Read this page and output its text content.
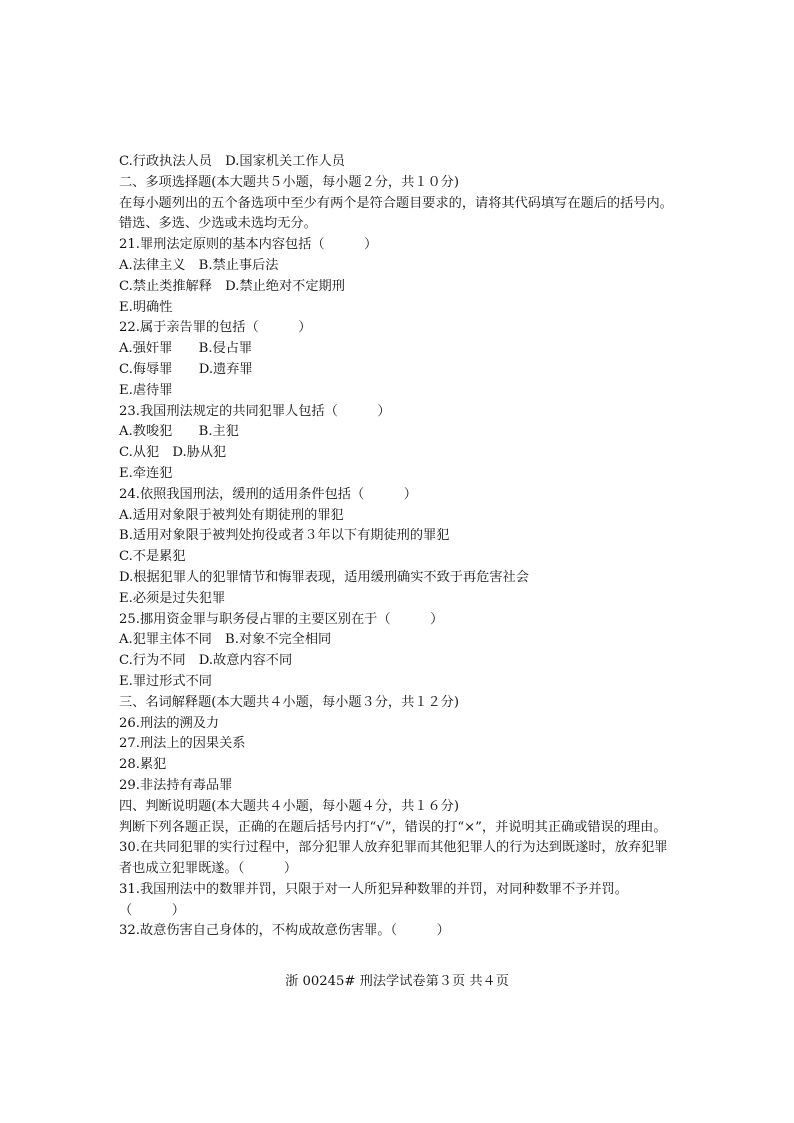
C.行政执法人员　D.国家机关工作人员
二、多项选择题(本大题共５小题，每小题２分，共１０分)
在每小题列出的五个备选项中至少有两个是符合题目要求的，请将其代码填写在题后的括号内。错选、多选、少选或未选均无分。
21.罪刑法定原则的基本内容包括（　　　）
A.法律主义　B.禁止事后法
C.禁止类推解释　D.禁止绝对不定期刑
E.明确性
22.属于亲告罪的包括（　　　）
A.强奸罪　　B.侵占罪
C.侮辱罪　　D.遗弃罪
E.虐待罪
23.我国刑法规定的共同犯罪人包括（　　　）
A.教唆犯　　B.主犯
C.从犯　D.胁从犯
E.牵连犯
24.依照我国刑法，缓刑的适用条件包括（　　　）
A.适用对象限于被判处有期徒刑的罪犯
B.适用对象限于被判处拘役或者３年以下有期徒刑的罪犯
C.不是累犯
D.根据犯罪人的犯罪情节和悔罪表现，适用缓刑确实不致于再危害社会
E.必须是过失犯罪
25.挪用资金罪与职务侵占罪的主要区别在于（　　　）
A.犯罪主体不同　B.对象不完全相同
C.行为不同　D.故意内容不同
E.罪过形式不同
三、名词解释题(本大题共４小题，每小题３分，共１２分)
26.刑法的溯及力
27.刑法上的因果关系
28.累犯
29.非法持有毒品罪
四、判断说明题(本大题共４小题，每小题４分，共１６分)
判断下列各题正误，正确的在题后括号内打“√”，错误的打“×”，并说明其正确或错误的理由。
30.在共同犯罪的实行过程中，部分犯罪人放弃犯罪而其他犯罪人的行为达到既遂时，放弃犯罪者也成立犯罪既遂。（　　　）
31.我国刑法中的数罪并罚，只限于对一人所犯异种数罪的并罚，对同种数罪不予并罚。
（　　　）
32.故意伤害自己身体的，不构成故意伤害罪。（　　　）
浙 00245# 刑法学试卷第３页 共４页
